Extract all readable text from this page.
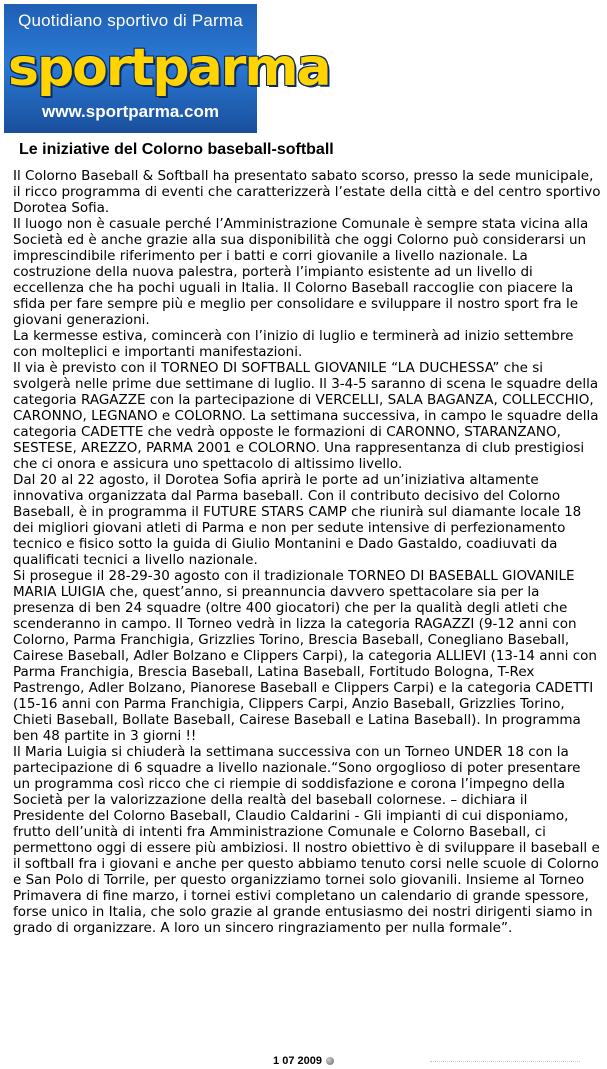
Quotidiano sportivo di Parma
sportparma
www.sportparma.com
Le iniziative del Colorno baseball-softball

Il Colorno Baseball & Softball ha presentato sabato scorso, presso la sede municipale, il ricco programma di eventi che caratterizzerà l’estate della città e del centro sportivo Dorotea Sofia.

Il luogo non è casuale perché l’Amministrazione Comunale è sempre stata vicina alla Società ed è anche grazie alla sua disponibilità che oggi Colorno può considerarsi un imprescindibile riferimento per i batti e corri giovanile a livello nazionale. La costruzione della nuova palestra, porterà l’impianto esistente ad un livello di eccellenza che ha pochi uguali in Italia. Il Colorno Baseball raccoglie con piacere la sfida per fare sempre più e meglio per consolidare e sviluppare il nostro sport fra le giovani generazioni.

La kermesse estiva, comincerà con l’inizio di luglio e terminerà ad inizio settembre con molteplici e importanti manifestazioni.

Il via è previsto con il TORNEO DI SOFTBALL GIOVANILE “LA DUCHESSA” che si svolgerà nelle prime due settimane di luglio. Il 3-4-5 saranno di scena le squadre della categoria RAGAZZE con la partecipazione di VERCELLI, SALA BAGANZA, COLLECCHIO, CARONNO, LEGNANO e COLORNO. La settimana successiva, in campo le squadre della categoria CADETTE che vedrà opposte le formazioni di CARONNO, STARANZANO, SESTESE, AREZZO, PARMA 2001 e COLORNO. Una rappresentanza di club prestigiosi che ci onora e assicura uno spettacolo di altissimo livello.

Dal 20 al 22 agosto, il Dorotea Sofia aprirà le porte ad un’iniziativa altamente innovativa organizzata dal Parma baseball. Con il contributo decisivo del Colorno Baseball, è in programma il FUTURE STARS CAMP che riunirà sul diamante locale 18 dei migliori giovani atleti di Parma e non per sedute intensive di perfezionamento tecnico e fisico sotto la guida di Giulio Montanini e Dado Gastaldo, coadiuvati da qualificati tecnici a livello nazionale.

Si prosegue il 28-29-30 agosto con il tradizionale TORNEO DI BASEBALL GIOVANILE MARIA LUIGIA che, quest’anno, si preannuncia davvero spettacolare sia per la presenza di ben 24 squadre (oltre 400 giocatori) che per la qualità degli atleti che scenderanno in campo. Il Torneo vedrà in lizza la categoria RAGAZZI (9-12 anni con Colorno, Parma Franchigia, Grizzlies Torino, Brescia Baseball, Conegliano Baseball, Cairese Baseball, Adler Bolzano e Clippers Carpi), la categoria ALLIEVI (13-14 anni con Parma Franchigia, Brescia Baseball, Latina Baseball, Fortitudo Bologna, T-Rex Pastrengo, Adler Bolzano, Pianorese Baseball e Clippers Carpi) e la categoria CADETTI (15-16 anni con Parma Franchigia, Clippers Carpi, Anzio Baseball, Grizzlies Torino, Chieti Baseball, Bollate Baseball, Cairese Baseball e Latina Baseball). In programma ben 48 partite in 3 giorni !!

Il Maria Luigia si chiuderà la settimana successiva con un Torneo UNDER 18 con la partecipazione di 6 squadre a livello nazionale.“Sono orgoglioso di poter presentare un programma così ricco che ci riempie di soddisfazione e corona l’impegno della Società per la valorizzazione della realtà del baseball colornese. – dichiara il Presidente del Colorno Baseball, Claudio Caldarini - Gli impianti di cui disponiamo, frutto dell’unità di intenti fra Amministrazione Comunale e Colorno Baseball, ci permettono oggi di essere più ambiziosi. Il nostro obiettivo è di sviluppare il baseball e il softball fra i giovani e anche per questo abbiamo tenuto corsi nelle scuole di Colorno e San Polo di Torrile, per questo organizziamo tornei solo giovanili. Insieme al Torneo Primavera di fine marzo, i tornei estivi completano un calendario di grande spessore, forse unico in Italia, che solo grazie al grande entusiasmo dei nostri dirigenti siamo in grado di organizzare. A loro un sincero ringraziamento per nulla formale”.

1 07 2009
